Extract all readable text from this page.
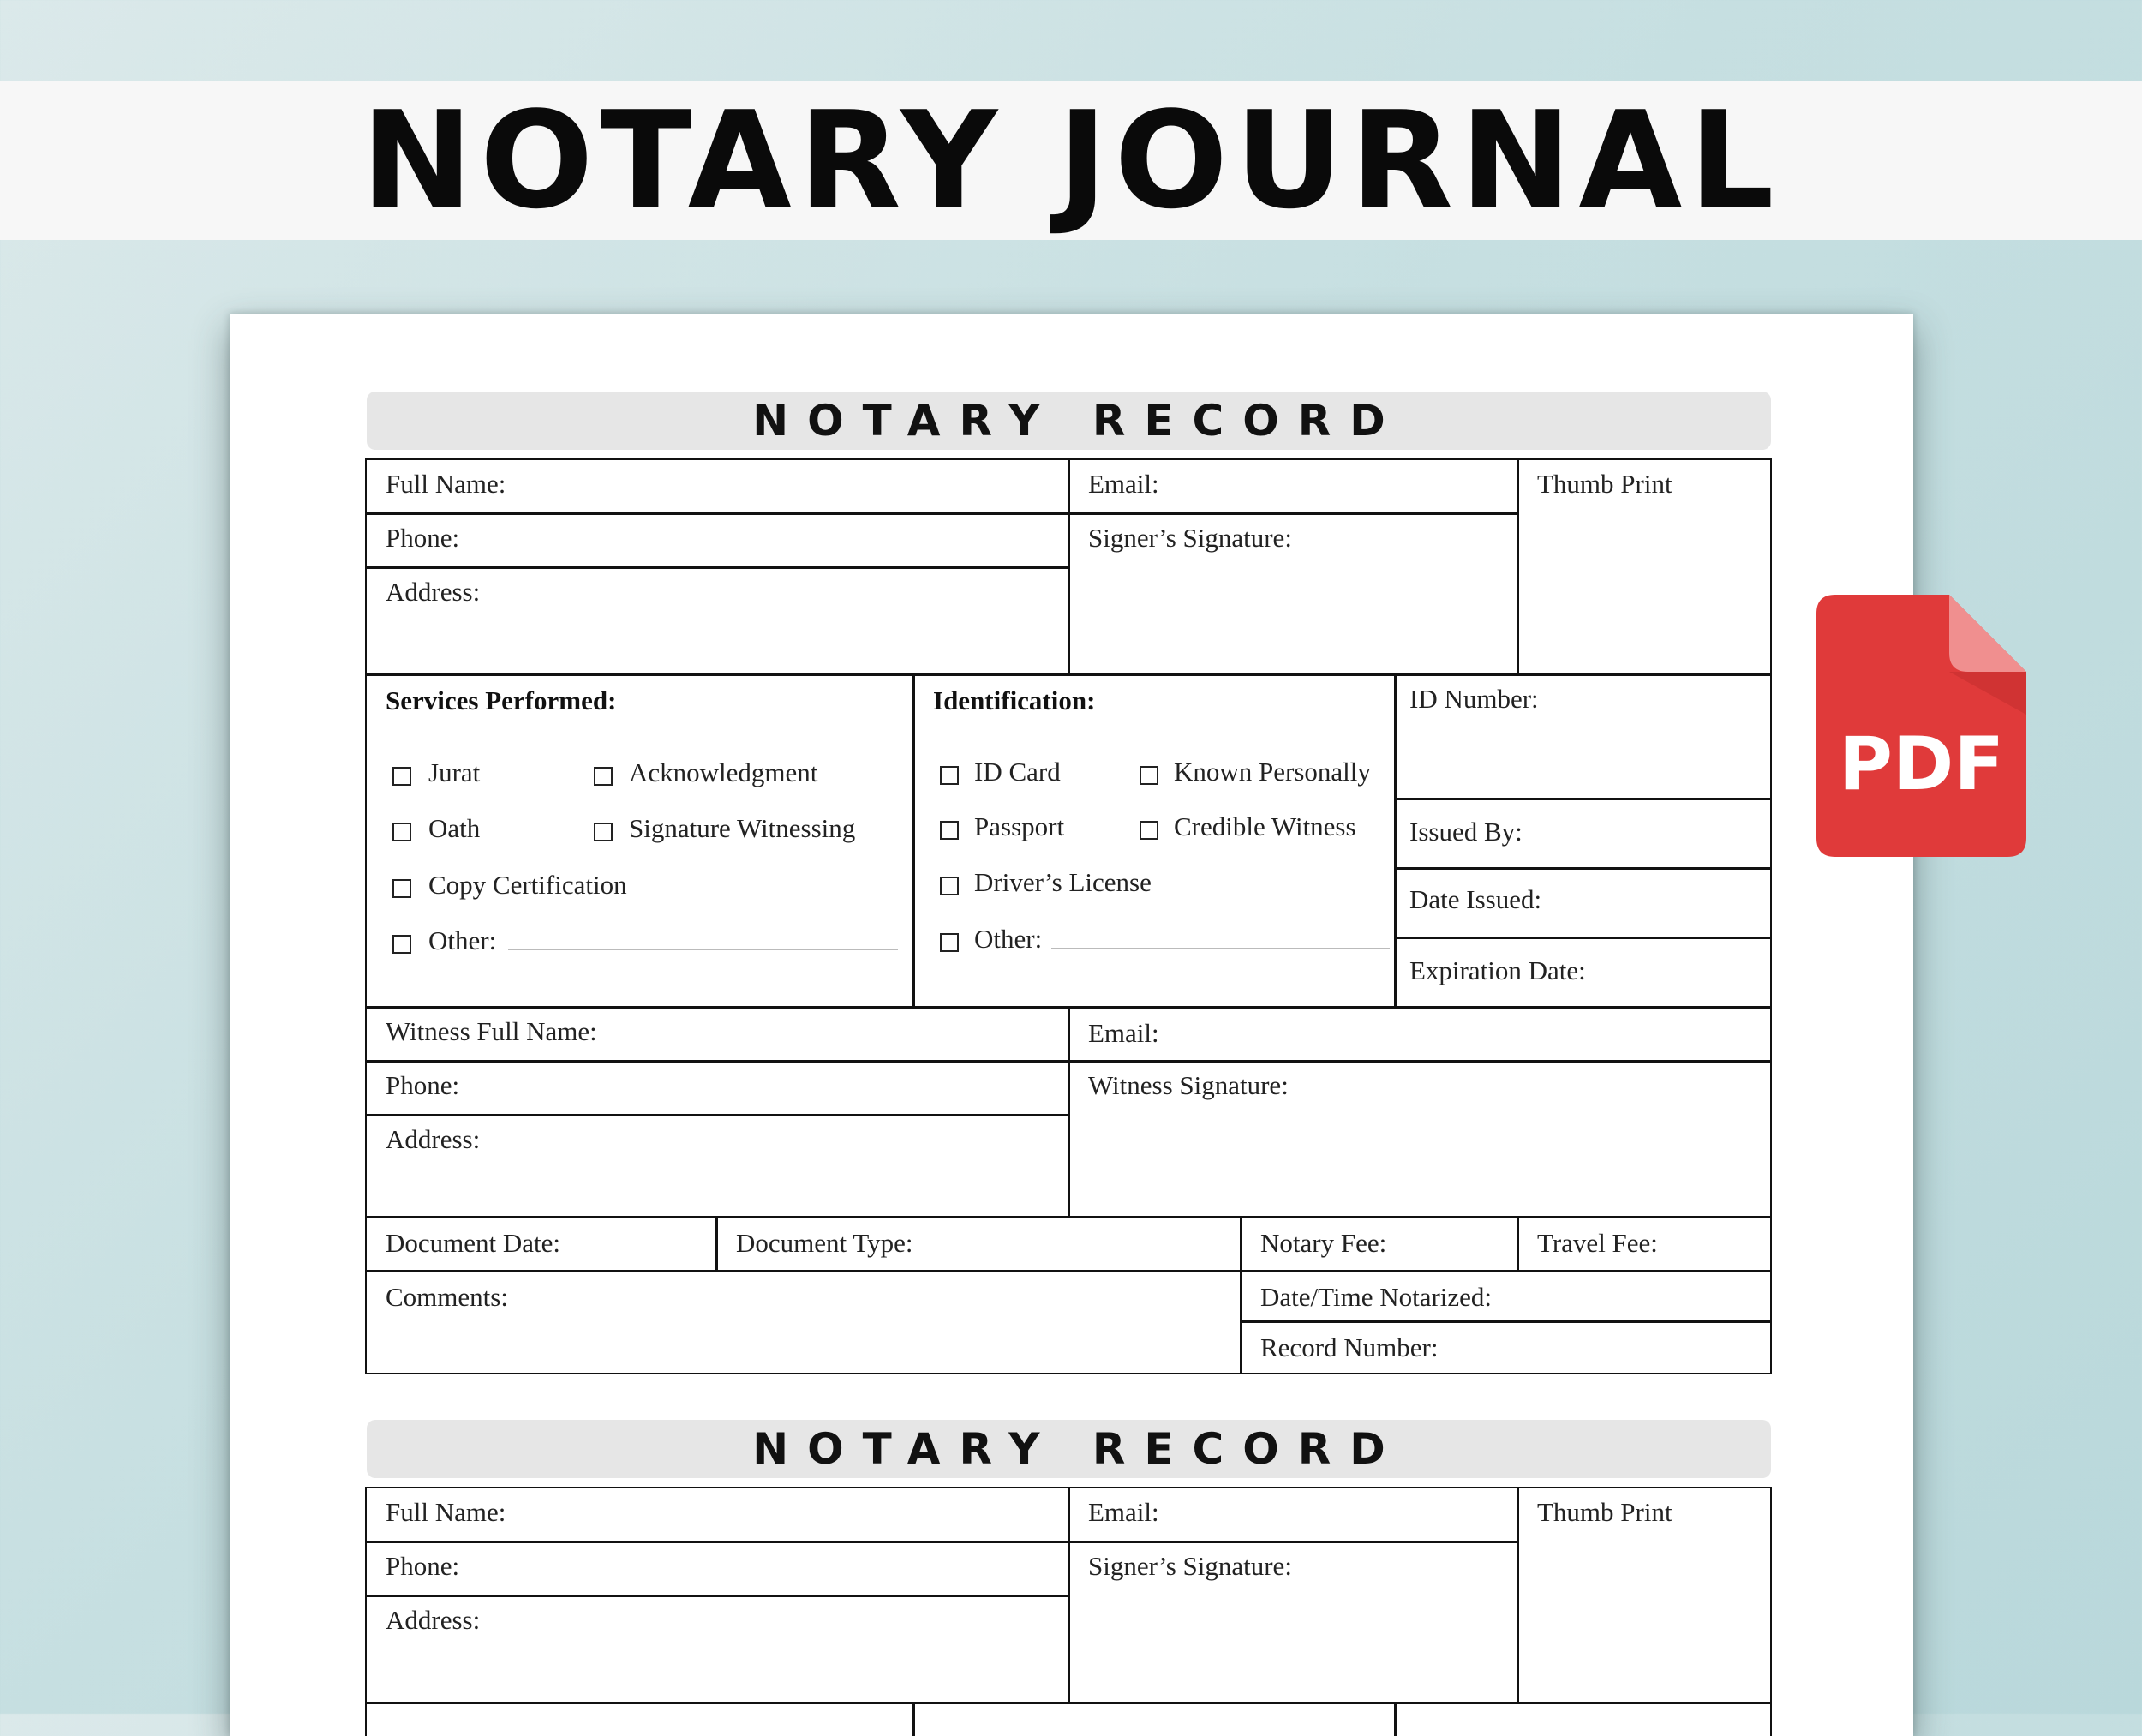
NOTARY JOURNAL
NOTARY RECORD
Full Name:	Email:	Thumb Print
Phone:	Signer’s Signature:
Address:
Services Performed:
Jurat	Acknowledgment
Oath	Signature Witnessing
Copy Certification
Other:
Identification:
ID Card	Known Personally
Passport	Credible Witness
Driver’s License
Other:
ID Number:
Issued By:
Date Issued:
Expiration Date:
Witness Full Name:	Email:
Phone:	Witness Signature:
Address:
Document Date:	Document Type:	Notary Fee:	Travel Fee:
Comments:	Date/Time Notarized:
Record Number:
NOTARY RECORD
Full Name:	Email:	Thumb Print
Phone:	Signer’s Signature:
Address:
PDF
